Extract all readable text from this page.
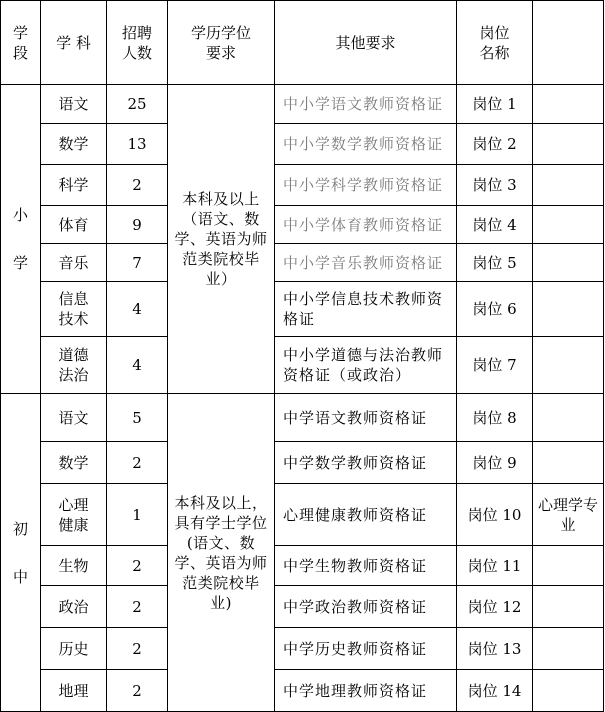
学段	学 科	招聘人数	学历学位要求	其他要求	岗位名称	

小
学	语文	25	本科及以上（语文、数学、英语为师范类院校毕业）	中小学语文教师资格证	岗位 1	
	数学	13		中小学数学教师资格证	岗位 2	
	科学	2		中小学科学教师资格证	岗位 3	
	体育	9		中小学体育教师资格证	岗位 4	
	音乐	7		中小学音乐教师资格证	岗位 5	
	信息技术	4		中小学信息技术教师资格证	岗位 6	
	道德法治	4		中小学道德与法治教师资格证（或政治）	岗位 7	

初
中	语文	5	本科及以上，具有学士学位(语文、数学、英语为师范类院校毕业)	中学语文教师资格证	岗位 8	
	数学	2		中学数学教师资格证	岗位 9	
	心理健康	1		心理健康教师资格证	岗位 10	心理学专业
	生物	2		中学生物教师资格证	岗位 11	
	政治	2		中学政治教师资格证	岗位 12	
	历史	2		中学历史教师资格证	岗位 13	
	地理	2		中学地理教师资格证	岗位 14	
